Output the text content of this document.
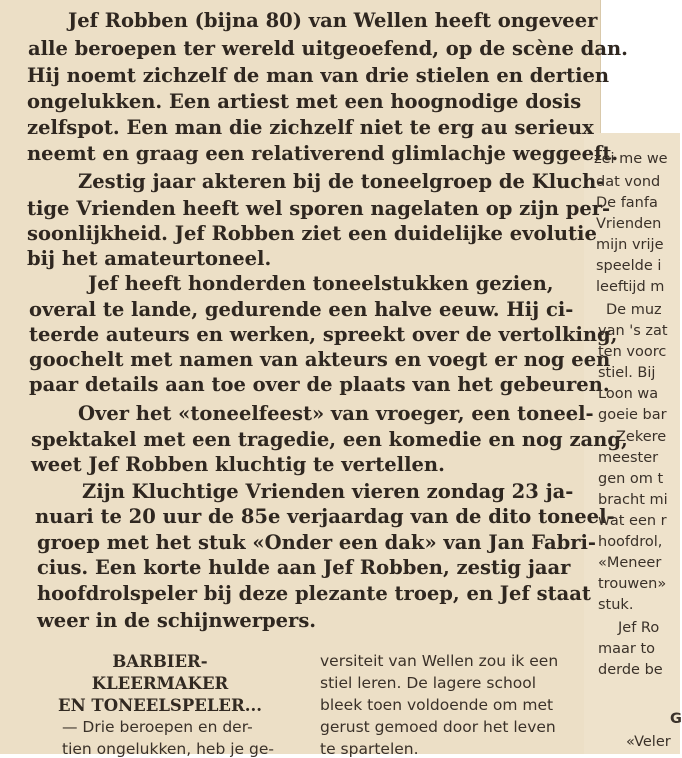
Jef Robben (bijna 80) van Wellen heeft ongeveer
alle beroepen ter wereld uitgeoefend, op de scène dan.
Hij noemt zichzelf de man van drie stielen en dertien
ongelukken. Een artiest met een hoognodige dosis
zelfspot. Een man die zichzelf niet te erg au serieux
neemt en graag een relativerend glimlachje weggeeft.
Zestig jaar akteren bij de toneelgroep de Kluch-
tige Vrienden heeft wel sporen nagelaten op zijn per-
soonlijkheid. Jef Robben ziet een duidelijke evolutie
bij het amateurtoneel.
Jef heeft honderden toneelstukken gezien,
overal te lande, gedurende een halve eeuw. Hij ci-
teerde auteurs en werken, spreekt over de vertolking,
goochelt met namen van akteurs en voegt er nog een
paar details aan toe over de plaats van het gebeuren.
Over het «toneelfeest» van vroeger, een toneel-
spektakel met een tragedie, een komedie en nog zang,
weet Jef Robben kluchtig te vertellen.
Zijn Kluchtige Vrienden vieren zondag 23 ja-
nuari te 20 uur de 85e verjaardag van de dito toneel-
groep met het stuk «Onder een dak» van Jan Fabri-
cius. Een korte hulde aan Jef Robben, zestig jaar
hoofdrolspeler bij deze plezante troep, en Jef staat
weer in de schijnwerpers.
zei me we
dat vond
De fanfa
Vrienden
mijn vrije
speelde i
leeftijd m
De muz
van 's zat
ten voorc
stiel. Bij
Loon wa
goeie bar
Zekere
meester
gen om t
bracht mi
wat een r
hoofdrol,
«Meneer
trouwen»
stuk.
Jef Ro
maar to
derde be
G
«Veler
BARBIER-
KLEERMAKER
EN TONEELSPELER...
— Drie beroepen en der-
tien ongelukken, heb je ge-
versiteit van Wellen zou ik een
stiel leren. De lagere school
bleek toen voldoende om met
gerust gemoed door het leven
te spartelen.
